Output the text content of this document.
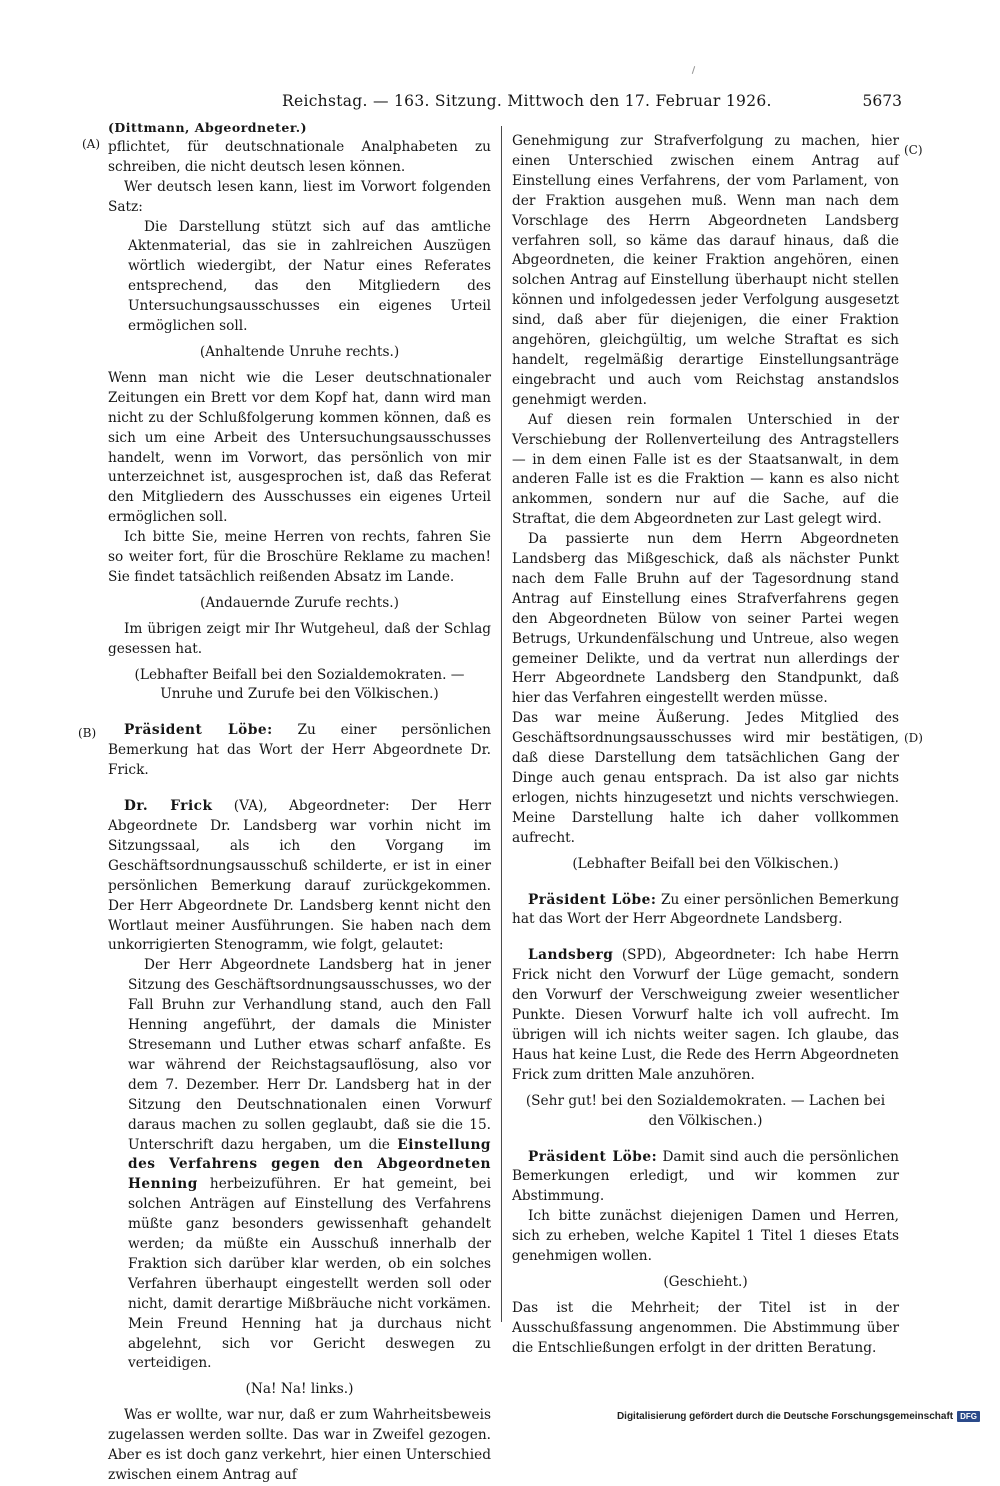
Reichstag. — 163. Sitzung. Mittwoch den 17. Februar 1926.	5673
(A)
(B)
(C)
(D)

(Dittmann, Abgeordneter.)

pflichtet, für deutschnationale Analphabeten zu schreiben, die nicht deutsch lesen können.

Wer deutsch lesen kann, liest im Vorwort folgenden Satz:

Die Darstellung stützt sich auf das amtliche Aktenmaterial, das sie in zahlreichen Auszügen wörtlich wiedergibt, der Natur eines Referates entsprechend, das den Mitgliedern des Untersuchungsausschusses ein eigenes Urteil ermöglichen soll.

(Anhaltende Unruhe rechts.)

Wenn man nicht wie die Leser deutschnationaler Zeitungen ein Brett vor dem Kopf hat, dann wird man nicht zu der Schlußfolgerung kommen können, daß es sich um eine Arbeit des Untersuchungsausschusses handelt, wenn im Vorwort, das persönlich von mir unterzeichnet ist, ausgesprochen ist, daß das Referat den Mitgliedern des Ausschusses ein eigenes Urteil ermöglichen soll.

Ich bitte Sie, meine Herren von rechts, fahren Sie so weiter fort, für die Broschüre Reklame zu machen! Sie findet tatsächlich reißenden Absatz im Lande.

(Andauernde Zurufe rechts.)

Im übrigen zeigt mir Ihr Wutgeheul, daß der Schlag gesessen hat.

(Lebhafter Beifall bei den Sozialdemokraten. — Unruhe und Zurufe bei den Völkischen.)

Präsident Löbe: Zu einer persönlichen Bemerkung hat das Wort der Herr Abgeordnete Dr. Frick.

Dr. Frick (VA), Abgeordneter: Der Herr Abgeordnete Dr. Landsberg war vorhin nicht im Sitzungssaal, als ich den Vorgang im Geschäftsordnungsausschuß schilderte, er ist in einer persönlichen Bemerkung darauf zurückgekommen. Der Herr Abgeordnete Dr. Landsberg kennt nicht den Wortlaut meiner Ausführungen. Sie haben nach dem unkorrigierten Stenogramm, wie folgt, gelautet:

Der Herr Abgeordnete Landsberg hat in jener Sitzung des Geschäftsordnungsausschusses, wo der Fall Bruhn zur Verhandlung stand, auch den Fall Henning angeführt, der damals die Minister Stresemann und Luther etwas scharf anfaßte. Es war während der Reichstagsauflösung, also vor dem 7. Dezember. Herr Dr. Landsberg hat in der Sitzung den Deutschnationalen einen Vorwurf daraus machen zu sollen geglaubt, daß sie die 15. Unterschrift dazu hergaben, um die Einstellung des Verfahrens gegen den Abgeordneten Henning herbeizuführen. Er hat gemeint, bei solchen Anträgen auf Einstellung des Verfahrens müßte ganz besonders gewissenhaft gehandelt werden; da müßte ein Ausschuß innerhalb der Fraktion sich darüber klar werden, ob ein solches Verfahren überhaupt eingestellt werden soll oder nicht, damit derartige Mißbräuche nicht vorkämen. Mein Freund Henning hat ja durchaus nicht abgelehnt, sich vor Gericht deswegen zu verteidigen.

(Na! Na! links.)

Was er wollte, war nur, daß er zum Wahrheitsbeweis zugelassen werden sollte. Das war in Zweifel gezogen. Aber es ist doch ganz verkehrt, hier einen Unterschied zwischen einem Antrag auf

Genehmigung zur Strafverfolgung zu machen, hier einen Unterschied zwischen einem Antrag auf Einstellung eines Verfahrens, der vom Parlament, von der Fraktion ausgehen muß. Wenn man nach dem Vorschlage des Herrn Abgeordneten Landsberg verfahren soll, so käme das darauf hinaus, daß die Abgeordneten, die keiner Fraktion angehören, einen solchen Antrag auf Einstellung überhaupt nicht stellen können und infolgedessen jeder Verfolgung ausgesetzt sind, daß aber für diejenigen, die einer Fraktion angehören, gleichgültig, um welche Straftat es sich handelt, regelmäßig derartige Einstellungsanträge eingebracht und auch vom Reichstag anstandslos genehmigt werden.

Auf diesen rein formalen Unterschied in der Verschiebung der Rollenverteilung des Antragstellers — in dem einen Falle ist es der Staatsanwalt, in dem anderen Falle ist es die Fraktion — kann es also nicht ankommen, sondern nur auf die Sache, auf die Straftat, die dem Abgeordneten zur Last gelegt wird.

Da passierte nun dem Herrn Abgeordneten Landsberg das Mißgeschick, daß als nächster Punkt nach dem Falle Bruhn auf der Tagesordnung stand Antrag auf Einstellung eines Strafverfahrens gegen den Abgeordneten Bülow von seiner Partei wegen Betrugs, Urkundenfälschung und Untreue, also wegen gemeiner Delikte, und da vertrat nun allerdings der Herr Abgeordnete Landsberg den Standpunkt, daß hier das Verfahren eingestellt werden müsse.

Das war meine Äußerung. Jedes Mitglied des Geschäftsordnungsausschusses wird mir bestätigen, daß diese Darstellung dem tatsächlichen Gang der Dinge auch genau entsprach. Da ist also gar nichts erlogen, nichts hinzugesetzt und nichts verschwiegen. Meine Darstellung halte ich daher vollkommen aufrecht.

(Lebhafter Beifall bei den Völkischen.)

Präsident Löbe: Zu einer persönlichen Bemerkung hat das Wort der Herr Abgeordnete Landsberg.

Landsberg (SPD), Abgeordneter: Ich habe Herrn Frick nicht den Vorwurf der Lüge gemacht, sondern den Vorwurf der Verschweigung zweier wesentlicher Punkte. Diesen Vorwurf halte ich voll aufrecht. Im übrigen will ich nichts weiter sagen. Ich glaube, das Haus hat keine Lust, die Rede des Herrn Abgeordneten Frick zum dritten Male anzuhören.

(Sehr gut! bei den Sozialdemokraten. — Lachen bei den Völkischen.)

Präsident Löbe: Damit sind auch die persönlichen Bemerkungen erledigt, und wir kommen zur Abstimmung.

Ich bitte zunächst diejenigen Damen und Herren, sich zu erheben, welche Kapitel 1 Titel 1 dieses Etats genehmigen wollen.

(Geschieht.)

Das ist die Mehrheit; der Titel ist in der Ausschußfassung angenommen. Die Abstimmung über die Entschließungen erfolgt in der dritten Beratung.

Digitalisierung gefördert durch die Deutsche Forschungsgemeinschaft DFG
